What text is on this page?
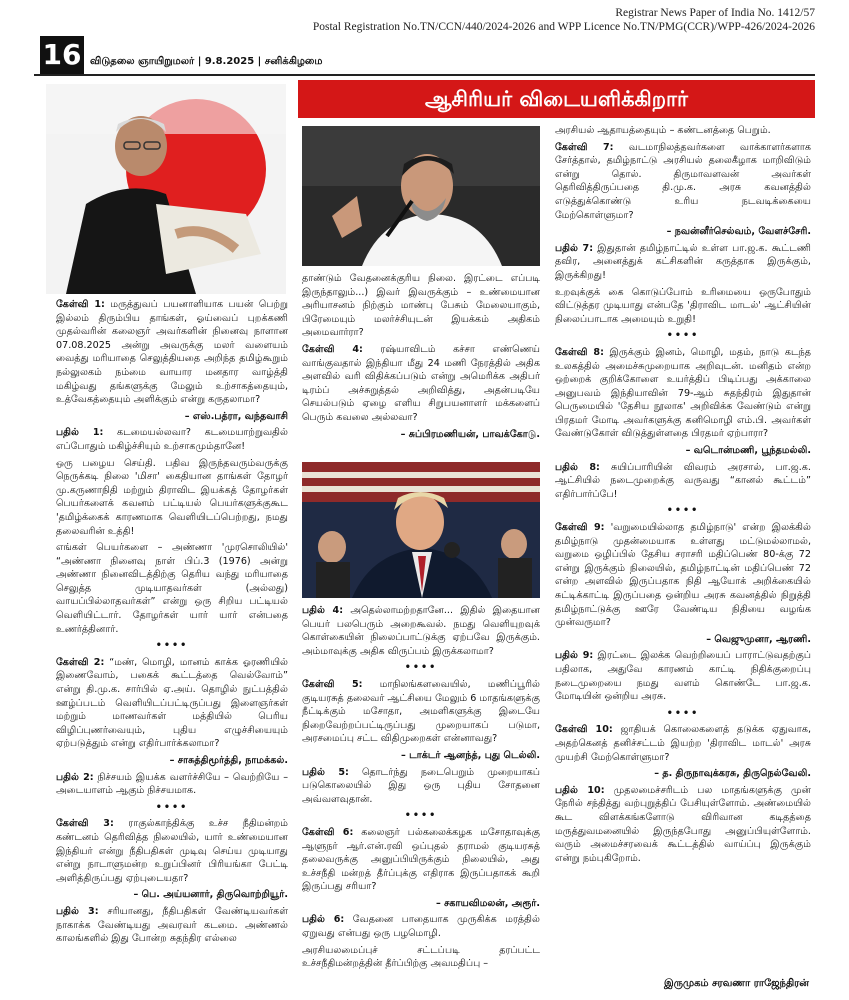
Registrar News Paper of India No. 1412/57
Postal Registration No.TN/CCN/440/2024-2026 and WPP Licence No.TN/PMG(CCR)/WPP-426/2024-2026
16 விடுதலை ஞாயிறுமலர் | 9.8.2025 | சனிக்கிழமை
ஆசிரியர் விடையளிக்கிறார்

கேள்வி 1: மருத்துவப் பயனாளியாக பயன் பெற்று இல்லம் திரும்பிய தாங்கள், ஓய்வைப் புறக்கணி முதல்வரின் கலைஞர் அவர்களின் நினைவு நாளான 07.08.2025 அன்று அவருக்கு மலர் வளையம் வைத்து மரியாதை செலுத்தியதை அறிந்த தமிழ்கூறும் நல்லுலகம் நம்மை வாயார மனதார வாழ்த்தி மகிழ்வது தங்களுக்கு மேலும் உற்சாகத்தையும், உத்வேகத்தையும் அளிக்கும் என்று கருதலாமா?

– எஸ்.பத்ரா, வந்தவாசி

பதில் 1: கடமையல்லவா? கடமையாற்றுவதில் எப்போதும் மகிழ்ச்சியும் உற்சாகமும்தானே!

ஒரு பழைய செய்தி. பதிவ இருந்தவரும்வருக்கு நெருக்கடி நிலை 'மிசா' கைதியான தாங்கள் தோழர் மு.கருணாநிதி மற்றும் திராவிட இயக்கத் தோழர்கள் பெயர்களைக் கவனம் பட்டியல் பெயர்களுக்குகூட 'தமிழ்க்கைக் காரணமாக வெளியிடப்பெற்றது, நமது தலைவரின் உத்தி!

எங்கள் பெயர்களை – அண்ணா 'முரசொலியில்' “அண்ணா நினைவு நாள் பிப்.3 (1976) அன்று அண்ணா நினைவிடத்திற்கு தெரிய வந்து மரியாதை செலுத்த முடியாதவர்கள் (அல்லது) வாயப்பில்லாதவர்கள்” என்று ஒரு சிறிய பட்டியல் வெளியிட்டார். தோழர்கள் யார் யார் என்பதை உணர்த்தினார்.

••••

கேள்வி 2: “மண், மொழி, மானம் காக்க ஓரணியில் இணைவோம், பகைக் கூட்டத்தை வெல்வோம்” என்று தி.மு.க. சார்பில் ஏ.அய். தொழில் நுட்பத்தில் ஊழ்ப்படம் வெளியிடப்பட்டிருப்பது இளைஞர்கள் மற்றும் மாணவர்கள் மத்தியில் பெரிய விழிப்புணர்வையும், புதிய எழுச்சியையும் ஏற்படுத்தும் என்று எதிர்பார்க்கலாமா?

– சாசுத்திமூர்த்தி, நாமக்கல்.

பதில் 2: நிச்சயம் இயக்க வளர்ச்சியே – வெற்றியே – அடையாளம் ஆகும் நிச்சயமாக.

••••

கேள்வி 3: ராகுல்காந்திக்கு உச்ச நீதிமன்றம் கண்டனம் தெரிவித்த நிலையில், யார் உண்மையான இந்தியர் என்று நீதிபதிகள் முடிவு செய்ய முடியாது என்று நாடாளுமன்ற உறுப்பினர் பிரியங்கா பேட்டி அளித்திருப்பது ஏற்புடையதா?

– பெ. அய்யனார், திருவொற்றியூர்.

பதில் 3: சரியானது, நீதிபதிகள் வேண்டியவர்கள் நாகாக்க வேண்டியது அவரவர் கடமை. அண்ணல் காலங்களில் இது போன்ற சுதந்திர எல்லை

தாண்டும் வேதனைக்குரிய நிலை. இரட்டை எப்படி இருந்தாலும்...) இவர் இவருக்கும் – உண்மையான அரியாசனம் நிற்கும் மாண்பு பேசும் மேலையாகும், பிரேமையும் மலர்ச்சியுடன் இயக்கம் அதிகம் அமைவார்ரா?

கேள்வி 4: ரஷ்யாவிடம் கச்சா எண்ணெய் வாங்குவதால் இந்தியா மீது 24 மணி நேரத்தில் அதிக அளவில் வரி விதிக்கப்படும் என்று அமெரிக்க அதிபர் டிரம்ப் அச்சுறுத்தல் அறிவித்து, அதன்படியே செயல்படும் ஏழை எளிய சிறுபயனாளர் மக்களைப் பெரும் கவலை அல்லவா?

– சுப்பிரமணியன், பாவக்கோடு.

பதில் 4: அதெல்லாமற்றதானே... இதில் இதையான பெயர் பலபெரும் அறைகூவல். நமது வெளியுறவுக் கொள்கையின் நிலைப்பாட்டுக்கு ஏற்பவே இருக்கும். அம்மாவுக்கு அதிக விருப்பம் இருக்கலாமா?

••••

கேள்வி 5: மாநிலங்களவையில், மணிப்பூரில் குடியரசுத் தலைவர் ஆட்சியை மேலும் 6 மாதங்களுக்கு நீட்டிக்கும் மசோதா, அமளிகளுக்கு இடையே நிறைவேற்றப்பட்டிருப்பது முறையாகப் படுமா, அரசமைப்பு சட்ட விதிமுறைகள் என்னாவது?

– டாக்டர் ஆனந்த், புது டெல்லி.

பதில் 5: தொடர்ந்து நடைபெறும் முறையாகப் படுகொலையில் இது ஒரு புதிய சோதனை அவ்வளவுதான்.

••••

கேள்வி 6: கலைஞர் பல்கலைக்கழக மசோதாவுக்கு ஆளுநர் ஆர்.என்.ரவி ஒப்புதல் தராமல் குடியரசுத் தலைவருக்கு அனுப்பியிருக்கும் நிலையில், அது உச்சநீதி மன்றத் தீர்ப்புக்கு எதிராக இருப்பதாகக் கூறி இருப்பது சரியா?

– சகாயவிமலன், அரூர்.

பதில் 6: வேதனை பாதையாக முருகிக்க மரத்தில் ஏறுவது என்பது ஒரு பழமொழி.

அரசியலமைப்புச் சட்டப்படி தரப்பட்ட உச்சநீதிமன்றத்தின் தீர்ப்பிற்கு அவமதிப்பு –

அரசியல் ஆதாயத்தையும் – கண்டனத்தை பெறும்.

கேள்வி 7: வடமாநிலத்தவர்களை வாக்காளர்களாக சேர்த்தால், தமிழ்நாட்டு அரசியல் தலைகீழாக மாறிவிடும் என்று தொல். திருமாவளவன் அவர்கள் தெரிவித்திருப்பதை தி.மு.க. அரசு கவனத்தில் எடுத்துக்கொண்டு உரிய நடவடிக்கையை மேற்கொள்ளுமா?

– நவன்னீர்செல்வம், வேளச்சேரி.

பதில் 7: இதுதான் தமிழ்நாட்டில் உள்ள பா.ஜ.க. கூட்டணி தவிர, அனைத்துக் கட்சிகளின் கருத்தாக இருக்கும், இருக்கிறது!

உறவுக்குக் கை கொடுப்போம் உரிமையை ஒருபோதும் விட்டுத்தர முடியாது என்பதே 'திராவிட மாடல்' ஆட்சியின் நிலைப்பாடாக அமையும் உறுதி!

••••

கேள்வி 8: இருக்கும் இனம், மொழி, மதம், நாடு கடந்த உலகத்தில் அமைச்சுமுறையாக அறிவுடன். மனிதம் என்ற ஒற்றைக் குறிக்கோளை உயர்த்திப் பிடிப்பது அக்காலை அனுபவம் இந்தியாவின் 79-ஆம் சுதந்திரம் இதுதான் பெருமையில் 'தேசிய நூலாக' அறிவிக்க வேண்டும் என்று பிரதமர் மோடி அவர்களுக்கு கனிமொழி எம்.பி. அவர்கள் வேண்டுகோள் விடுத்துள்ளதை பிரதமர் ஏற்பாரா?

– வடொன்மணி, பூந்தமல்லி.

பதில் 8: சுயிப்பாரியின் விவரம் அரசால், பா.ஜ.க. ஆட்சியில் நடைமுறைக்கு வருவது “கானல் கூட்டம்” எதிர்பார்ப்பே!

••••

கேள்வி 9: 'வறுமையில்லாத தமிழ்நாடு' என்ற இலக்கில் தமிழ்நாடு முதன்மையாக உள்ளது மட்டுமல்லாமல், வறுமை ஒழிப்பில் தேசிய சராசரி மதிப்பெண் 80-க்கு 72 என்று இருக்கும் நிலையில், தமிழ்நாட்டின் மதிப்பெண் 72 என்ற அளவில் இருப்பதாக நிதி ஆயோக் அறிக்கையில் சுட்டிக்காட்டி இருப்பதை ஒன்றிய அரசு கவனத்தில் நிறுத்தி தமிழ்நாட்டுக்கு ஊரே வேண்டிய நிதியை வழங்க முன்வருமா?

– வெஜுமுனா, ஆரணி.

பதில் 9: இரட்டை இலக்க வெற்றியைப் பாராட்டுவதற்குப் பதிலாக, அதுவே காரணம் காட்டி நிதிக்குறைப்பு நடைமுறையை நமது வளம் கொண்டே பா.ஜ.க. மோடியின் ஒன்றிய அரசு.

••••

கேள்வி 10: ஜாதியக் கொலைகளைத் தடுக்க ஏதுவாக, அதற்கெனத் தனிச்சட்டம் இயற்ற 'திராவிட மாடல்' அரசு முயற்சி மேற்கொள்ளுமா?

– த. திருநாவுக்கரசு, திருநெல்வேலி.

பதில் 10: முதலமைச்சரிடம் பல மாதங்களுக்கு முன் நேரில் சந்தித்து வற்புறுத்திப் பேசியுள்ளோம். அண்மையில் கூட விளக்கங்களோடு விரிவான கடிதத்தை மருத்துவமனையில் இருந்தபோது அனுப்பியுள்ளோம். வரும் அமைச்சரவைக் கூட்டத்தில் வாய்ப்பு இருக்கும் என்று நம்புகிறோம்.

இருமுகம் சரவணா ராஜேந்திரன்
